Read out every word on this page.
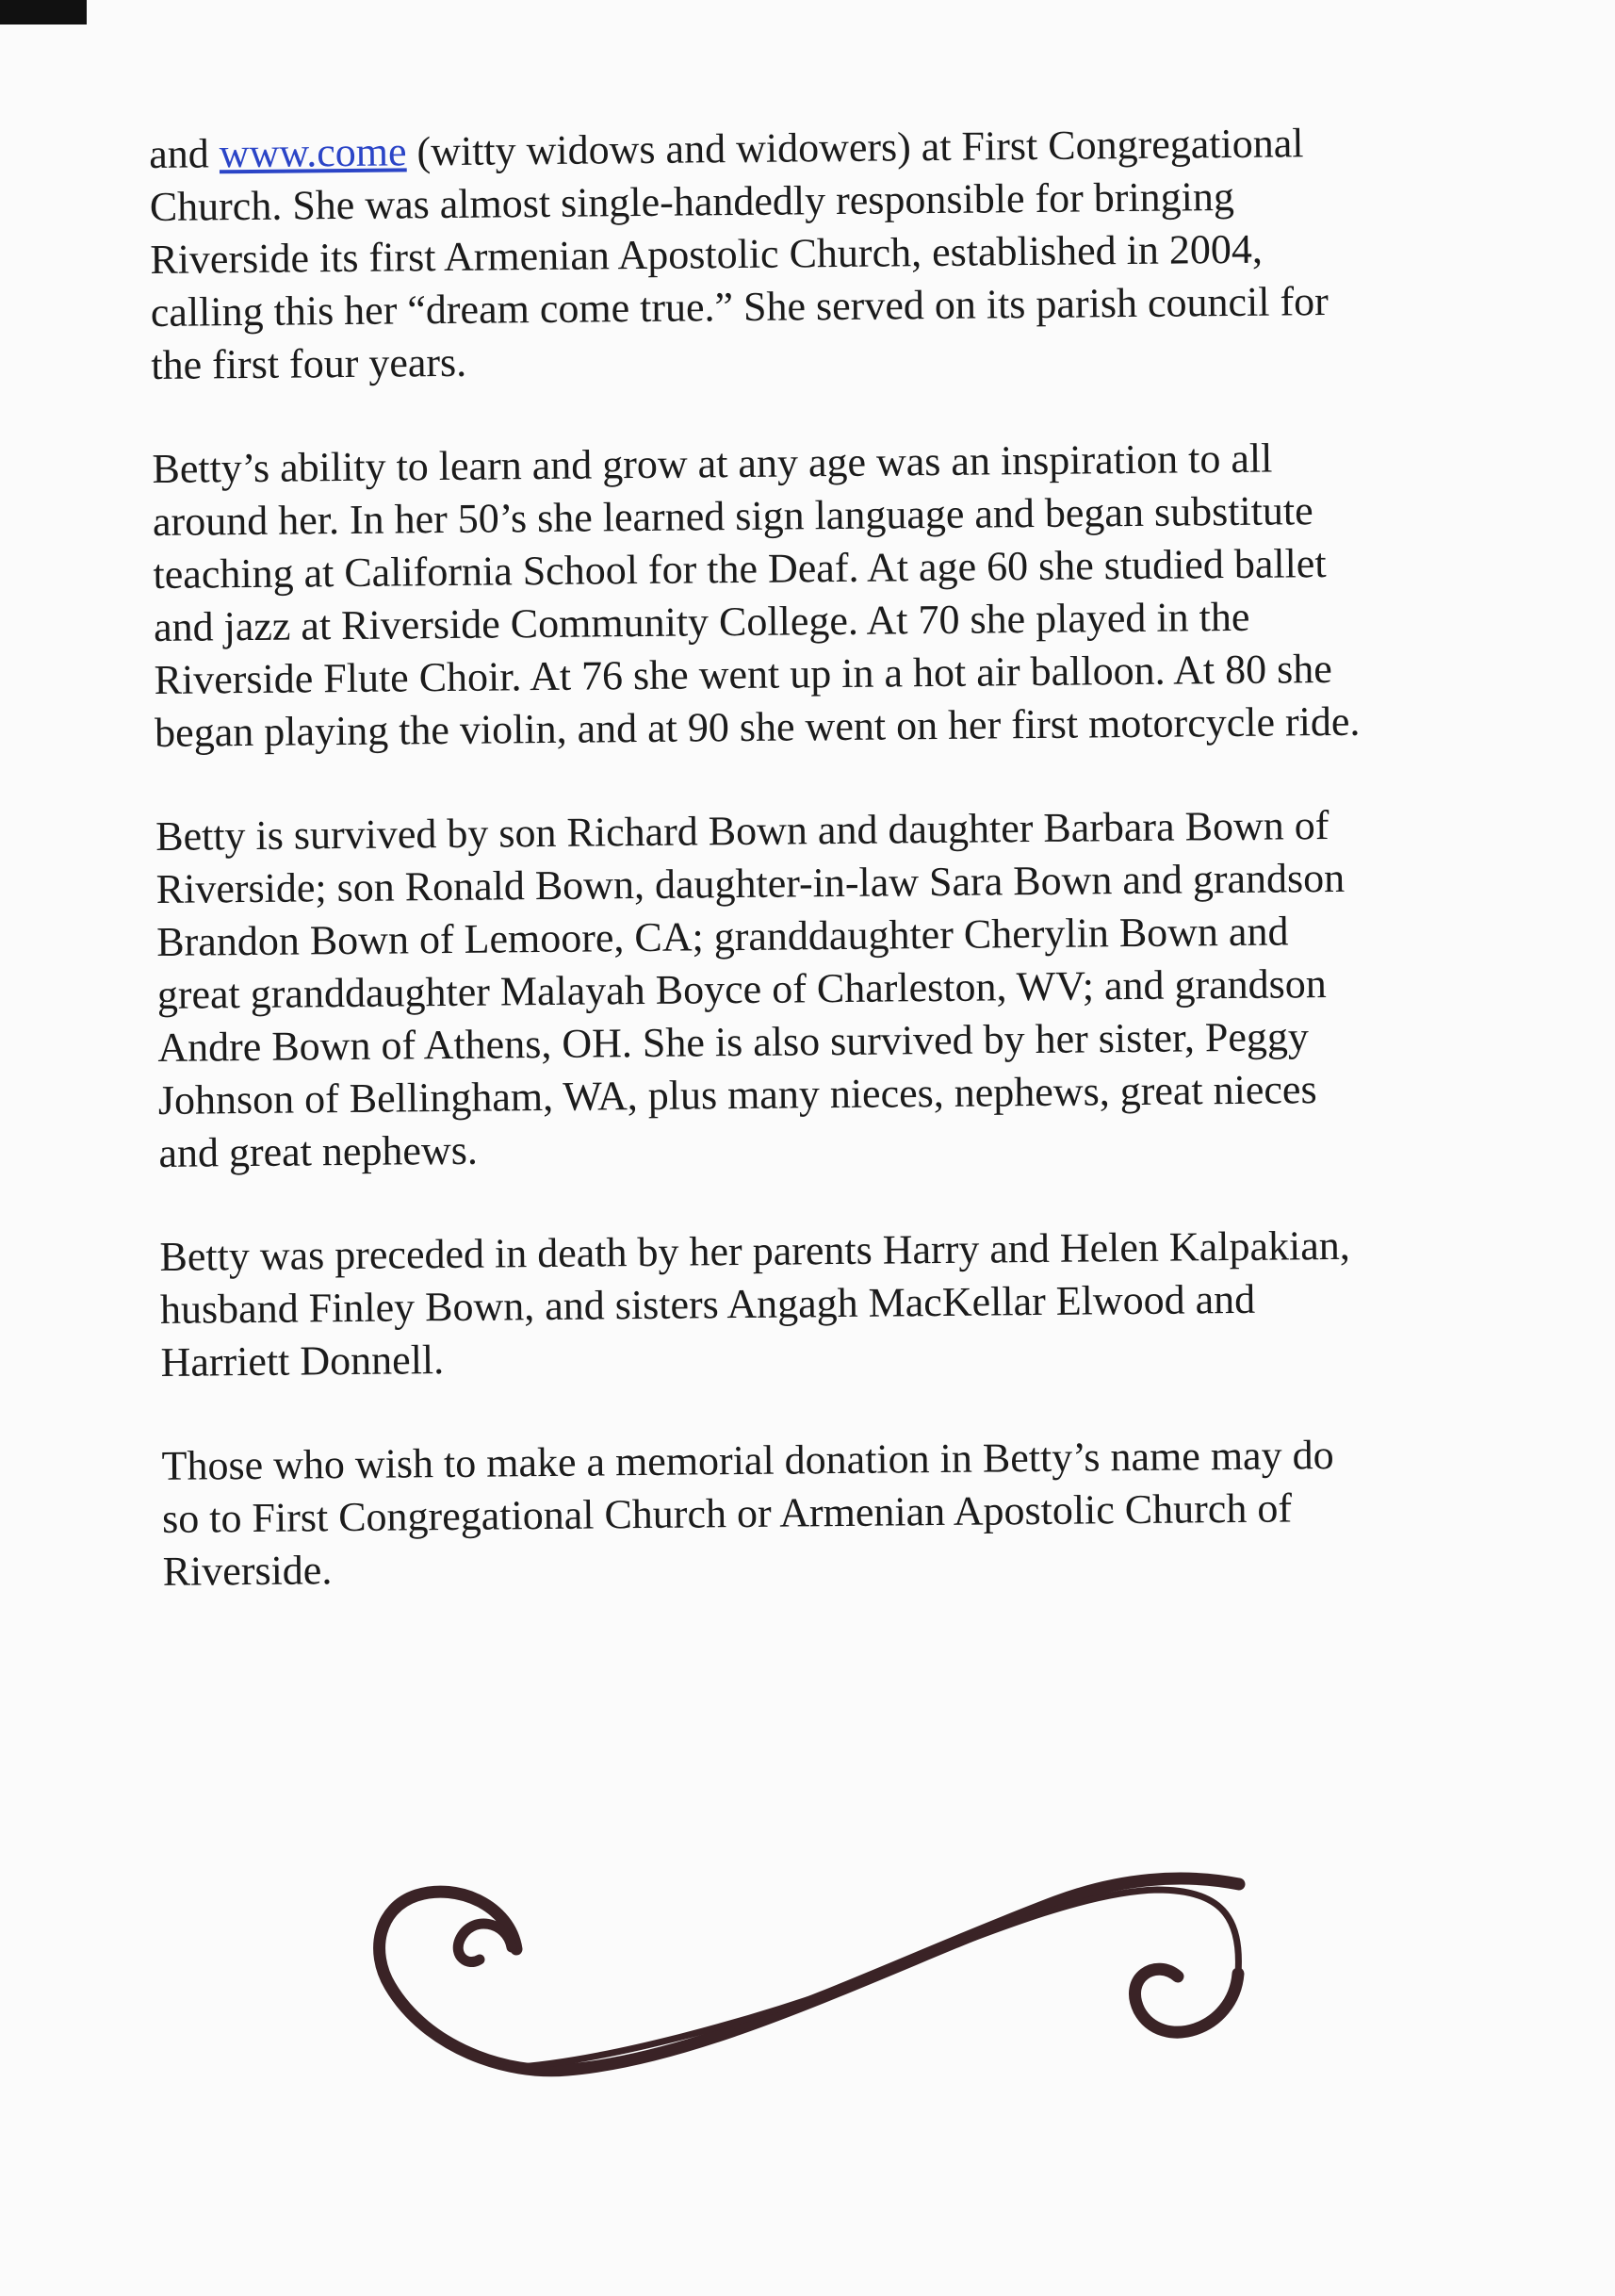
and www.come (witty widows and widowers) at First Congregational
Church. She was almost single-handedly responsible for bringing
Riverside its first Armenian Apostolic Church, established in 2004,
calling this her “dream come true.” She served on its parish council for
the first four years.

Betty’s ability to learn and grow at any age was an inspiration to all
around her. In her 50’s she learned sign language and began substitute
teaching at California School for the Deaf. At age 60 she studied ballet
and jazz at Riverside Community College. At 70 she played in the
Riverside Flute Choir. At 76 she went up in a hot air balloon. At 80 she
began playing the violin, and at 90 she went on her first motorcycle ride.

Betty is survived by son Richard Bown and daughter Barbara Bown of
Riverside; son Ronald Bown, daughter-in-law Sara Bown and grandson
Brandon Bown of Lemoore, CA; granddaughter Cherylin Bown and
great granddaughter Malayah Boyce of Charleston, WV; and grandson
Andre Bown of Athens, OH. She is also survived by her sister, Peggy
Johnson of Bellingham, WA, plus many nieces, nephews, great nieces
and great nephews.

Betty was preceded in death by her parents Harry and Helen Kalpakian,
husband Finley Bown, and sisters Angagh MacKellar Elwood and
Harriett Donnell.

Those who wish to make a memorial donation in Betty’s name may do
so to First Congregational Church or Armenian Apostolic Church of
Riverside.
